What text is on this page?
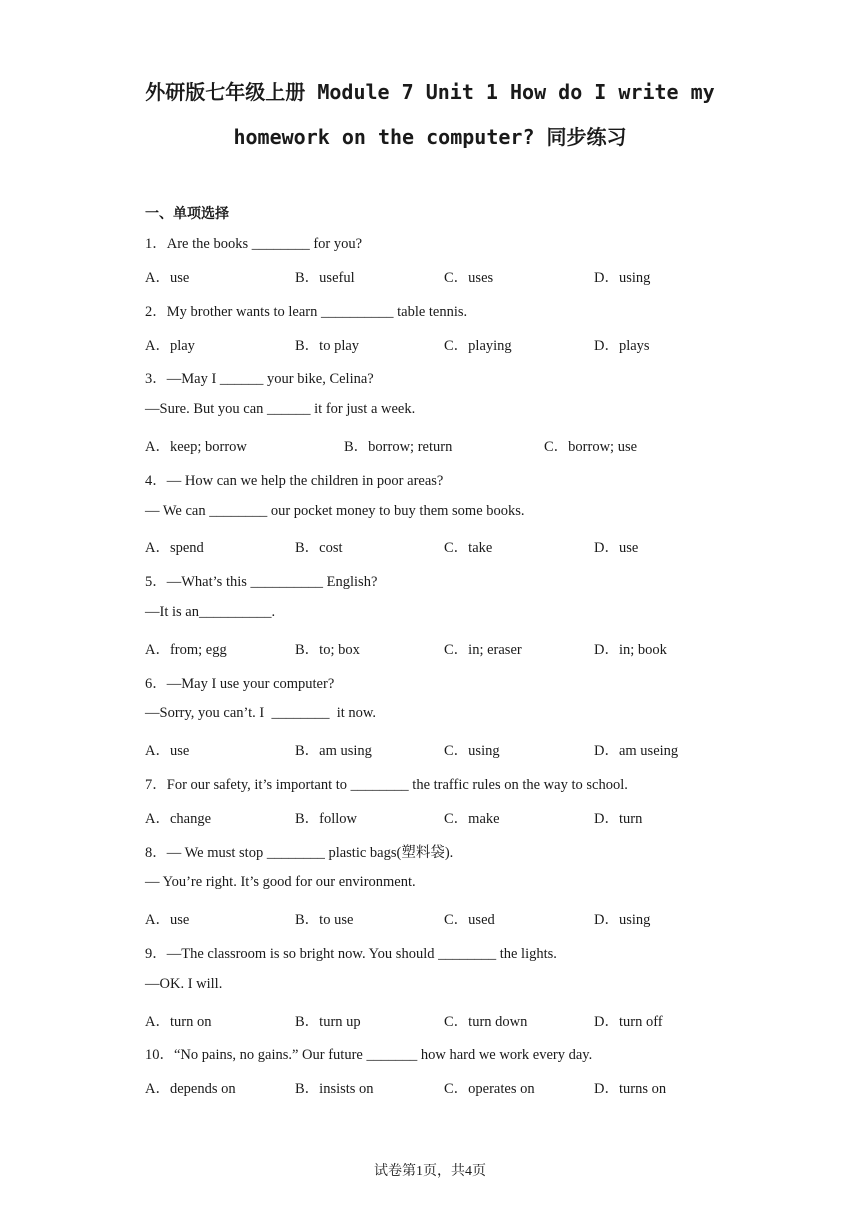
外研版七年级上册 Module 7 Unit 1 How do I write my
homework on the computer? 同步练习
一、单项选择
1．Are the books ________ for you?
A．use	B．useful	C．uses	D．using
2．My brother wants to learn __________ table tennis.
A．play	B．to play	C．playing	D．plays
3．—May I ______ your bike, Celina?
—Sure. But you can ______ it for just a week.
A．keep; borrow	B．borrow; return	C．borrow; use
4．— How can we help the children in poor areas?
— We can ________ our pocket money to buy them some books.
A．spend	B．cost	C．take	D．use
5．—What’s this __________ English?
—It is an__________.
A．from; egg	B．to; box	C．in; eraser	D．in; book
6．—May I use your computer?
—Sorry, you can’t. I  ________  it now.
A．use	B．am using	C．using	D．am useing
7．For our safety, it’s important to ________ the traffic rules on the way to school.
A．change	B．follow	C．make	D．turn
8．— We must stop ________ plastic bags(塑料袋).
— You’re right. It’s good for our environment.
A．use	B．to use	C．used	D．using
9．—The classroom is so bright now. You should ________ the lights.
—OK. I will.
A．turn on	B．turn up	C．turn down	D．turn off
10．“No pains, no gains.” Our future _______ how hard we work every day.
A．depends on	B．insists on	C．operates on	D．turns on
试卷第1页，共4页
